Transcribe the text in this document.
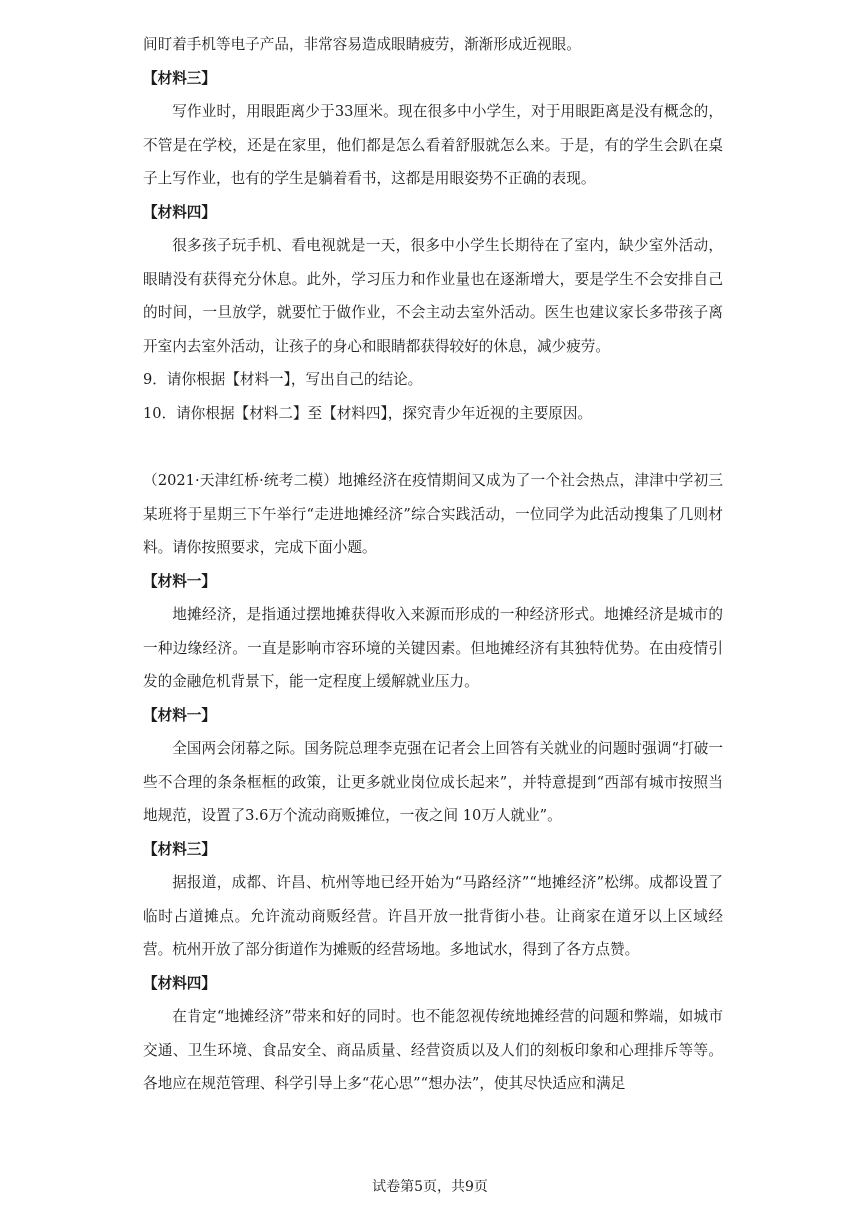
间盯着手机等电子产品，非常容易造成眼睛疲劳，渐渐形成近视眼。

【材料三】

写作业时，用眼距离少于33厘米。现在很多中小学生，对于用眼距离是没有概念的，不管是在学校，还是在家里，他们都是怎么看着舒服就怎么来。于是，有的学生会趴在桌子上写作业，也有的学生是躺着看书，这都是用眼姿势不正确的表现。

【材料四】

很多孩子玩手机、看电视就是一天，很多中小学生长期待在了室内，缺少室外活动，眼睛没有获得充分休息。此外，学习压力和作业量也在逐渐增大，要是学生不会安排自己的时间，一旦放学，就要忙于做作业，不会主动去室外活动。医生也建议家长多带孩子离开室内去室外活动，让孩子的身心和眼睛都获得较好的休息，减少疲劳。

9．请你根据【材料一】，写出自己的结论。

10．请你根据【材料二】至【材料四】，探究青少年近视的主要原因。

（2021·天津红桥·统考二模）地摊经济在疫情期间又成为了一个社会热点，津津中学初三某班将于星期三下午举行“走进地摊经济”综合实践活动，一位同学为此活动搜集了几则材料。请你按照要求，完成下面小题。

【材料一】

地摊经济，是指通过摆地摊获得收入来源而形成的一种经济形式。地摊经济是城市的一种边缘经济。一直是影响市容环境的关键因素。但地摊经济有其独特优势。在由疫情引发的金融危机背景下，能一定程度上缓解就业压力。

【材料一】

全国两会闭幕之际。国务院总理李克强在记者会上回答有关就业的问题时强调“打破一些不合理的条条框框的政策，让更多就业岗位成长起来”，并特意提到“西部有城市按照当地规范，设置了3.6万个流动商贩摊位，一夜之间 10万人就业”。

【材料三】

据报道，成都、许昌、杭州等地已经开始为“马路经济”“地摊经济”松绑。成都设置了临时占道摊点。允许流动商贩经营。许昌开放一批背街小巷。让商家在道牙以上区域经营。杭州开放了部分街道作为摊贩的经营场地。多地试水，得到了各方点赞。

【材料四】

在肯定“地摊经济”带来和好的同时。也不能忽视传统地摊经营的问题和弊端，如城市交通、卫生环境、食品安全、商品质量、经营资质以及人们的刻板印象和心理排斥等等。各地应在规范管理、科学引导上多“花心思”“想办法”，使其尽快适应和满足

试卷第5页，共9页
